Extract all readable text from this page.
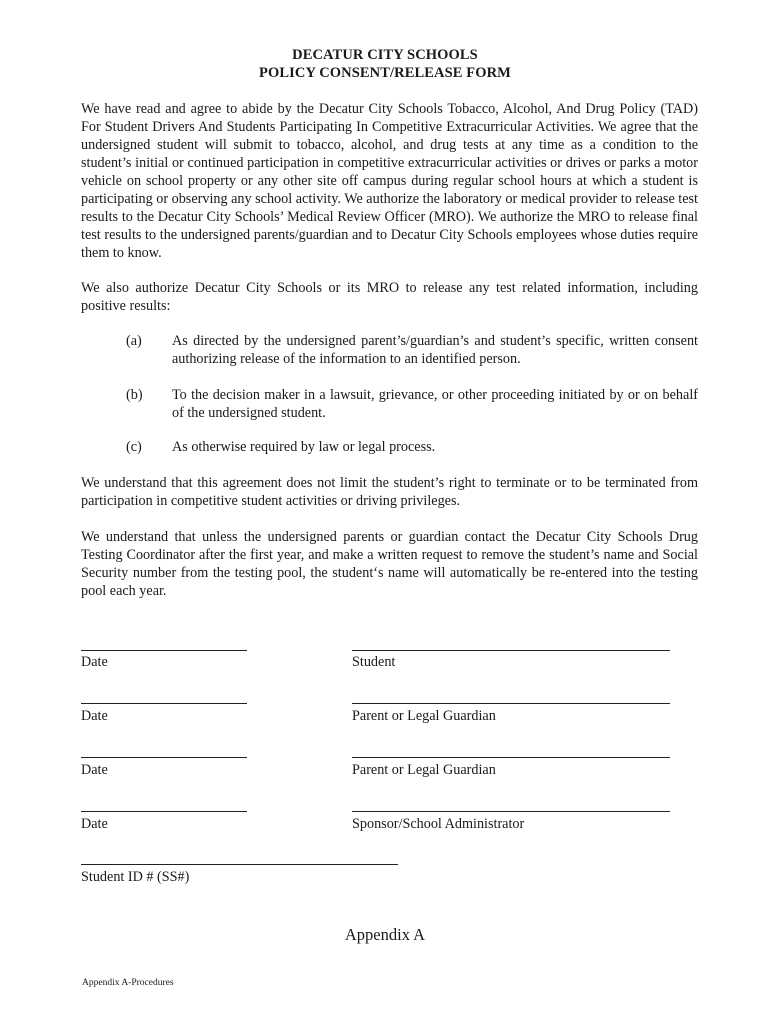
DECATUR CITY SCHOOLS
POLICY CONSENT/RELEASE FORM
We have read and agree to abide by the Decatur City Schools Tobacco, Alcohol, And Drug Policy (TAD) For Student Drivers And Students Participating In Competitive Extracurricular Activities. We agree that the undersigned student will submit to tobacco, alcohol, and drug tests at any time as a condition to the student’s initial or continued participation in competitive extracurricular activities or drives or parks a motor vehicle on school property or any other site off campus during regular school hours at which a student is participating or observing any school activity. We authorize the laboratory or medical provider to release test results to the Decatur City Schools’ Medical Review Officer (MRO). We authorize the MRO to release final test results to the undersigned parents/guardian and to Decatur City Schools employees whose duties require them to know.
We also authorize Decatur City Schools or its MRO to release any test related information, including positive results:
(a) As directed by the undersigned parent’s/guardian’s and student’s specific, written consent authorizing release of the information to an identified person.
(b) To the decision maker in a lawsuit, grievance, or other proceeding initiated by or on behalf of the undersigned student.
(c) As otherwise required by law or legal process.
We understand that this agreement does not limit the student’s right to terminate or to be terminated from participation in competitive student activities or driving privileges.
We understand that unless the undersigned parents or guardian contact the Decatur City Schools Drug Testing Coordinator after the first year, and make a written request to remove the student’s name and Social Security number from the testing pool, the student‘s name will automatically be re-entered into the testing pool each year.
Date	Student
Date	Parent or Legal Guardian
Date	Parent or Legal Guardian
Date	Sponsor/School Administrator
Student ID # (SS#)
Appendix A
Appendix A-Procedures
